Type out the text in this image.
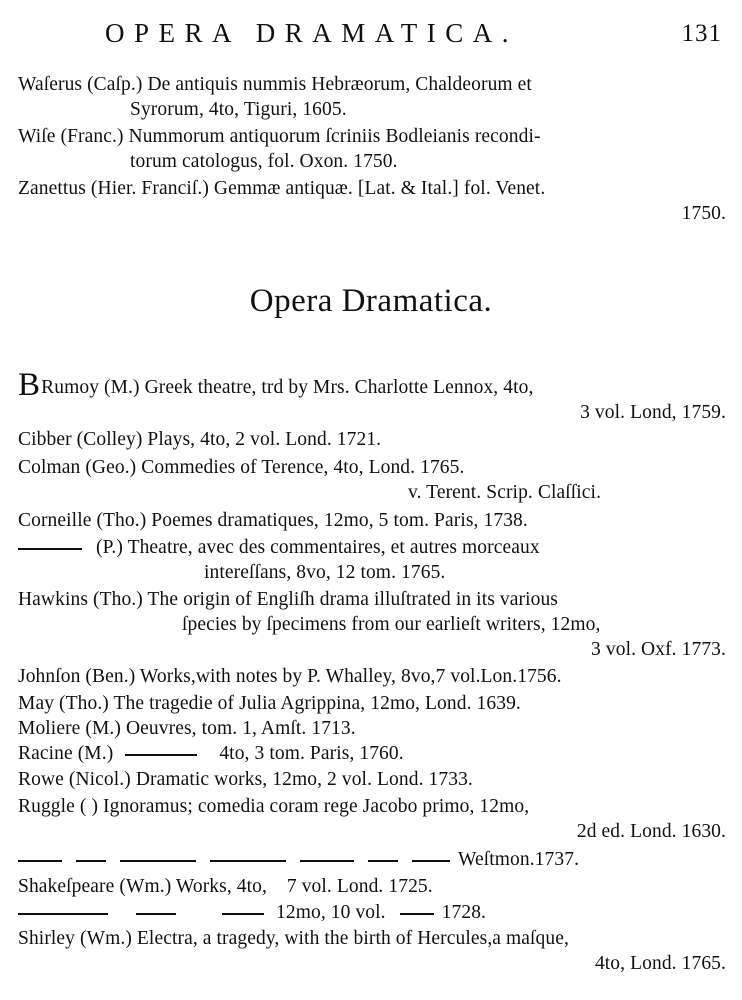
OPERA DRAMATICA.	131
Waſerus (Caſp.) De antiquis nummis Hebræorum, Chaldeorum et
Syrorum, 4to, Tiguri, 1605.
Wiſe (Franc.) Nummorum antiquorum ſcriniis Bodleianis recondi-
torum catologus, fol. Oxon. 1750.
Zanettus (Hier. Franciſ.) Gemmæ antiquæ. [Lat. & Ital.] fol. Venet.
1750.
Opera Dramatica.
BRumoy (M.) Greek theatre, trd by Mrs. Charlotte Lennox, 4to,
3 vol. Lond, 1759.
Cibber (Colley) Plays, 4to, 2 vol. Lond. 1721.
Colman (Geo.) Commedies of Terence, 4to, Lond. 1765.
v. Terent. Scrip. Claſſici.
Corneille (Tho.) Poemes dramatiques, 12mo, 5 tom. Paris, 1738.
(P.) Theatre, avec des commentaires, et autres morceaux
intereſſans, 8vo, 12 tom. 1765.
Hawkins (Tho.) The origin of Engliſh drama illuſtrated in its various
ſpecies by ſpecimens from our earlieſt writers, 12mo,
3 vol. Oxf. 1773.
Johnſon (Ben.) Works,with notes by P. Whalley, 8vo,7 vol.Lon.1756.
May (Tho.) The tragedie of Julia Agrippina, 12mo, Lond. 1639.
Moliere (M.) Oeuvres, tom. 1, Amſt. 1713.
Racine (M.)	4to, 3 tom. Paris, 1760.
Rowe (Nicol.) Dramatic works, 12mo, 2 vol. Lond. 1733.
Ruggle ( ) Ignoramus; comedia coram rege Jacobo primo, 12mo,
2d ed. Lond. 1630.
Weſtmon.1737.
Shakeſpeare (Wm.) Works, 4to,    7 vol. Lond. 1725.
12mo, 10 vol.	1728.
Shirley (Wm.) Electra, a tragedy, with the birth of Hercules,a maſque,
4to, Lond. 1765.
